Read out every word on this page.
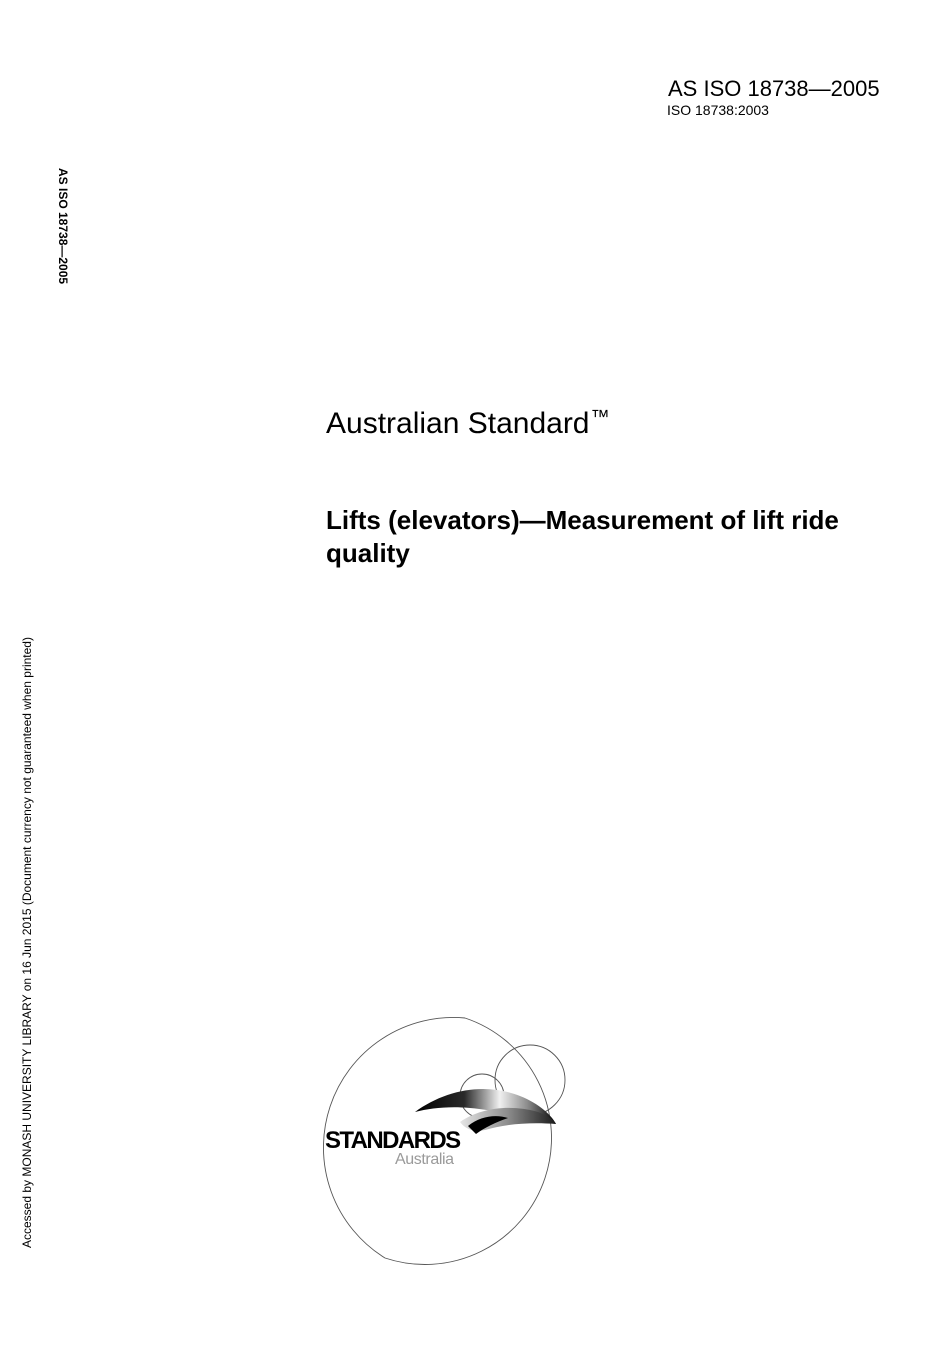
AS ISO 18738—2005
ISO 18738:2003
AS ISO 18738—2005
Accessed by MONASH UNIVERSITY LIBRARY on 16 Jun 2015 (Document currency not guaranteed when printed)
Australian Standard™
Lifts (elevators)—Measurement of lift ride quality
STANDARDS
Australia
